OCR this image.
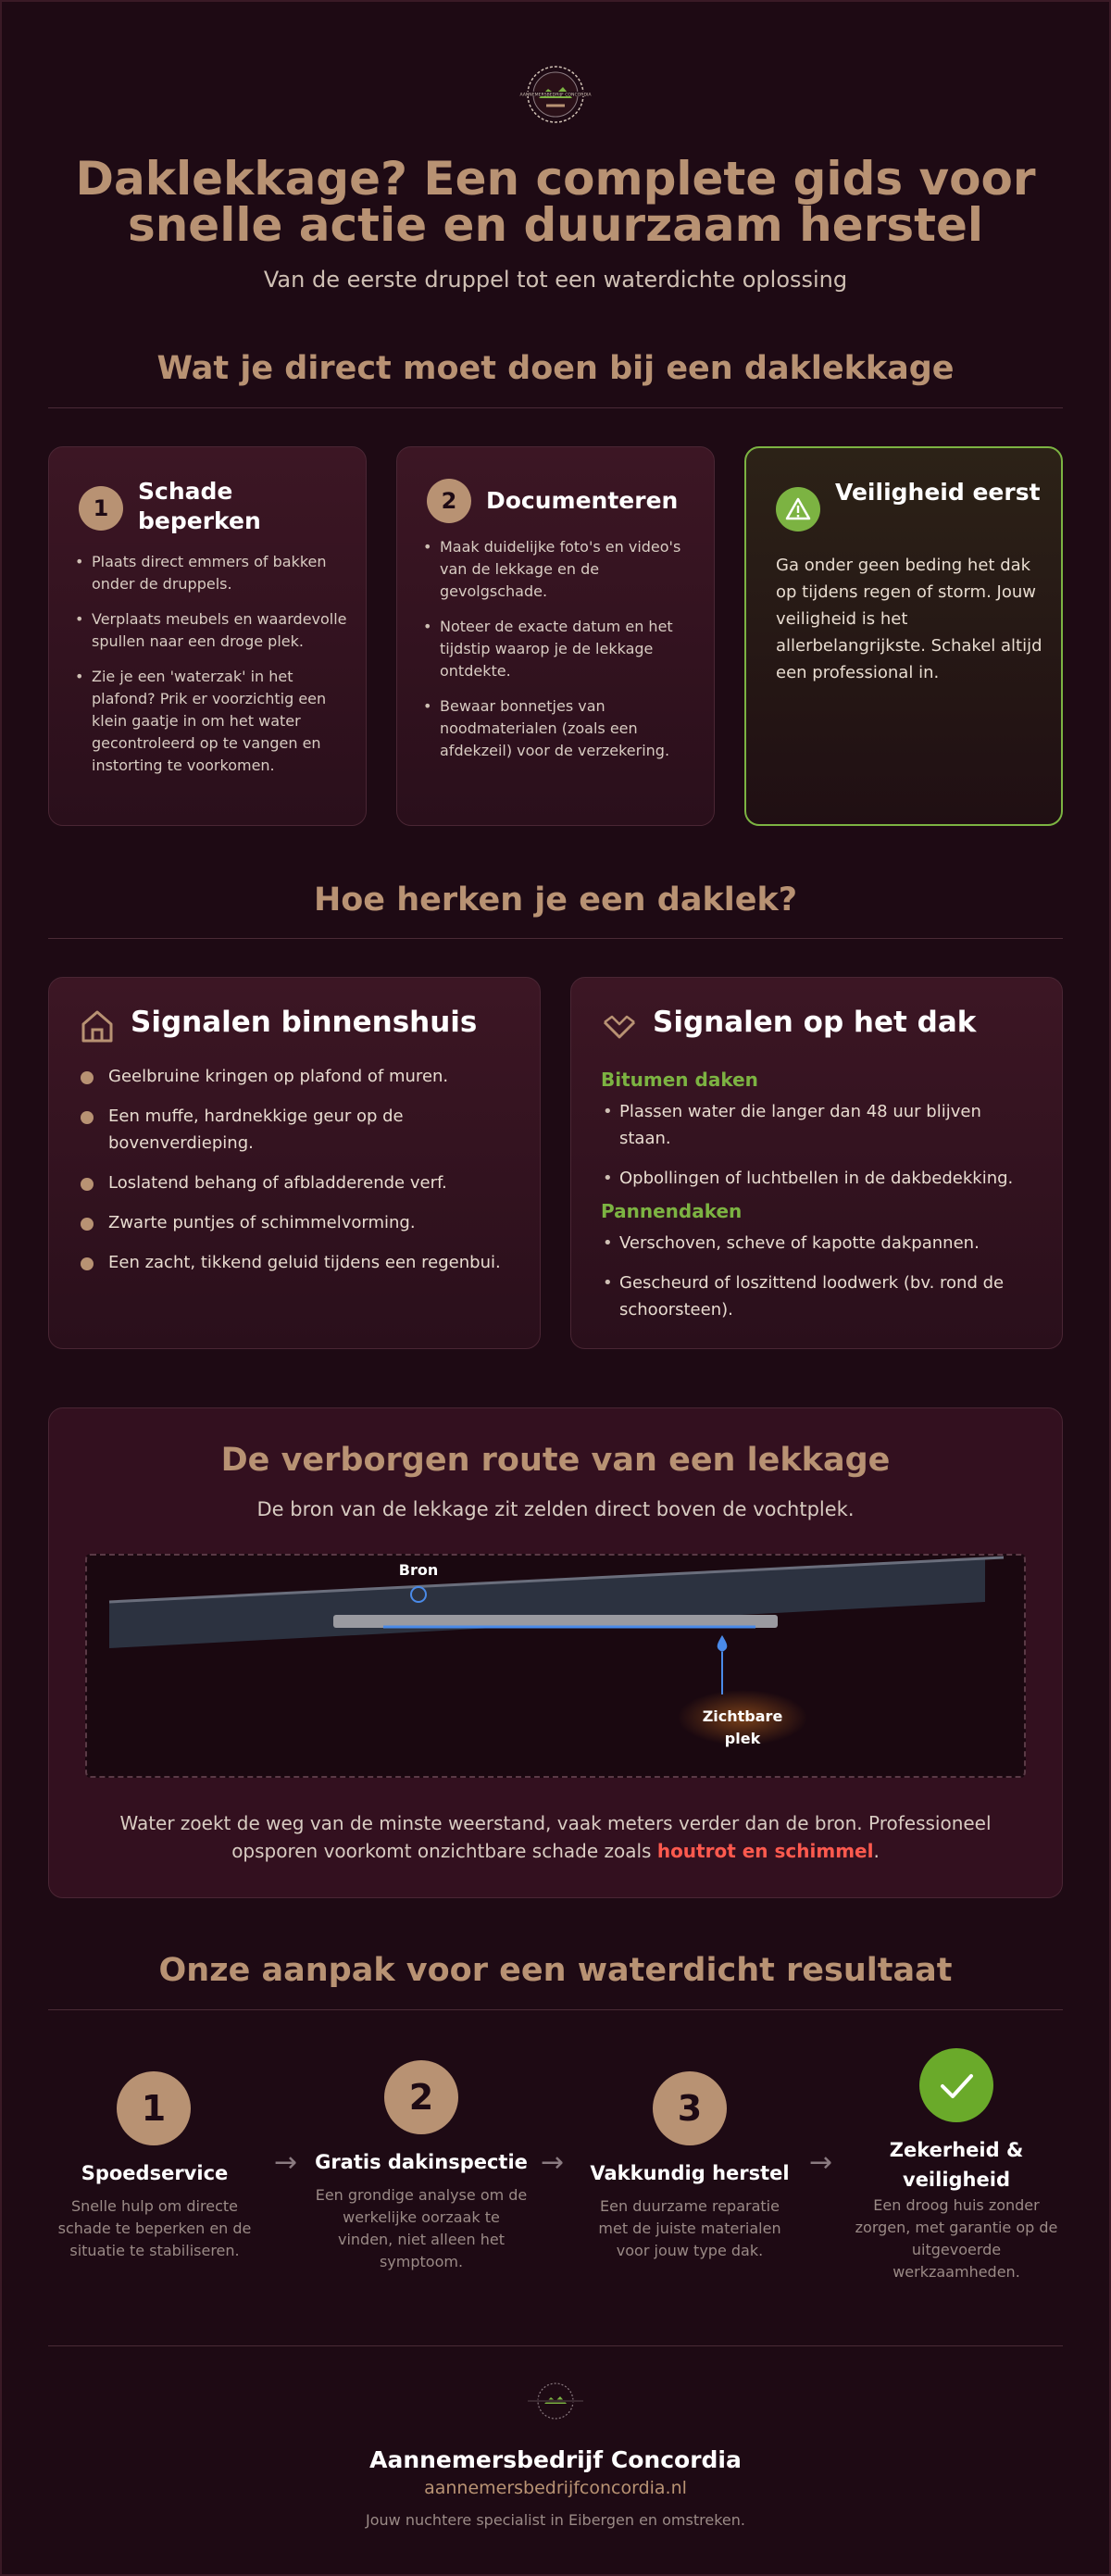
AANNEMERSBEDRIJF CONCORDIA
Daklekkage? Een complete gids voor snelle actie en duurzaam herstel
Van de eerste druppel tot een waterdichte oplossing
Wat je direct moet doen bij een daklekkage
1
Schade beperken
• Plaats direct emmers of bakken onder de druppels.
• Verplaats meubels en waardevolle spullen naar een droge plek.
• Zie je een 'waterzak' in het plafond? Prik er voorzichtig een klein gaatje in om het water gecontroleerd op te vangen en instorting te voorkomen.
2	Documenteren
• Maak duidelijke foto's en video's van de lekkage en de gevolgschade.
• Noteer de exacte datum en het tijdstip waarop je de lekkage ontdekte.
• Bewaar bonnetjes van noodmaterialen (zoals een afdekzeil) voor de verzekering.
Veiligheid eerst
Ga onder geen beding het dak op tijdens regen of storm. Jouw veiligheid is het allerbelangrijkste. Schakel altijd een professional in.
Hoe herken je een daklek?
Signalen binnenshuis
Geelbruine kringen op plafond of muren.
Een muffe, hardnekkige geur op de bovenverdieping.
Loslatend behang of afbladderende verf.
Zwarte puntjes of schimmelvorming.
Een zacht, tikkend geluid tijdens een regenbui.
Signalen op het dak
Bitumen daken
• Plassen water die langer dan 48 uur blijven staan.
• Opbollingen of luchtbellen in de dakbedekking.
Pannendaken
• Verschoven, scheve of kapotte dakpannen.
• Gescheurd of loszittend loodwerk (bv. rond de schoorsteen).
De verborgen route van een lekkage
De bron van de lekkage zit zelden direct boven de vochtplek.
Bron
Zichtbare plek
Water zoekt de weg van de minste weerstand, vaak meters verder dan de bron. Professioneel opsporen voorkomt onzichtbare schade zoals houtrot en schimmel.
Onze aanpak voor een waterdicht resultaat
1
Spoedservice
Snelle hulp om directe schade te beperken en de situatie te stabiliseren.
→
2
Gratis dakinspectie
Een grondige analyse om de werkelijke oorzaak te vinden, niet alleen het symptoom.
→
3
Vakkundig herstel
Een duurzame reparatie met de juiste materialen voor jouw type dak.
→	Zekerheid & veiligheid
Een droog huis zonder zorgen, met garantie op de uitgevoerde werkzaamheden.
Aannemersbedrijf Concordia
aannemersbedrijfconcordia.nl
Jouw nuchtere specialist in Eibergen en omstreken.
